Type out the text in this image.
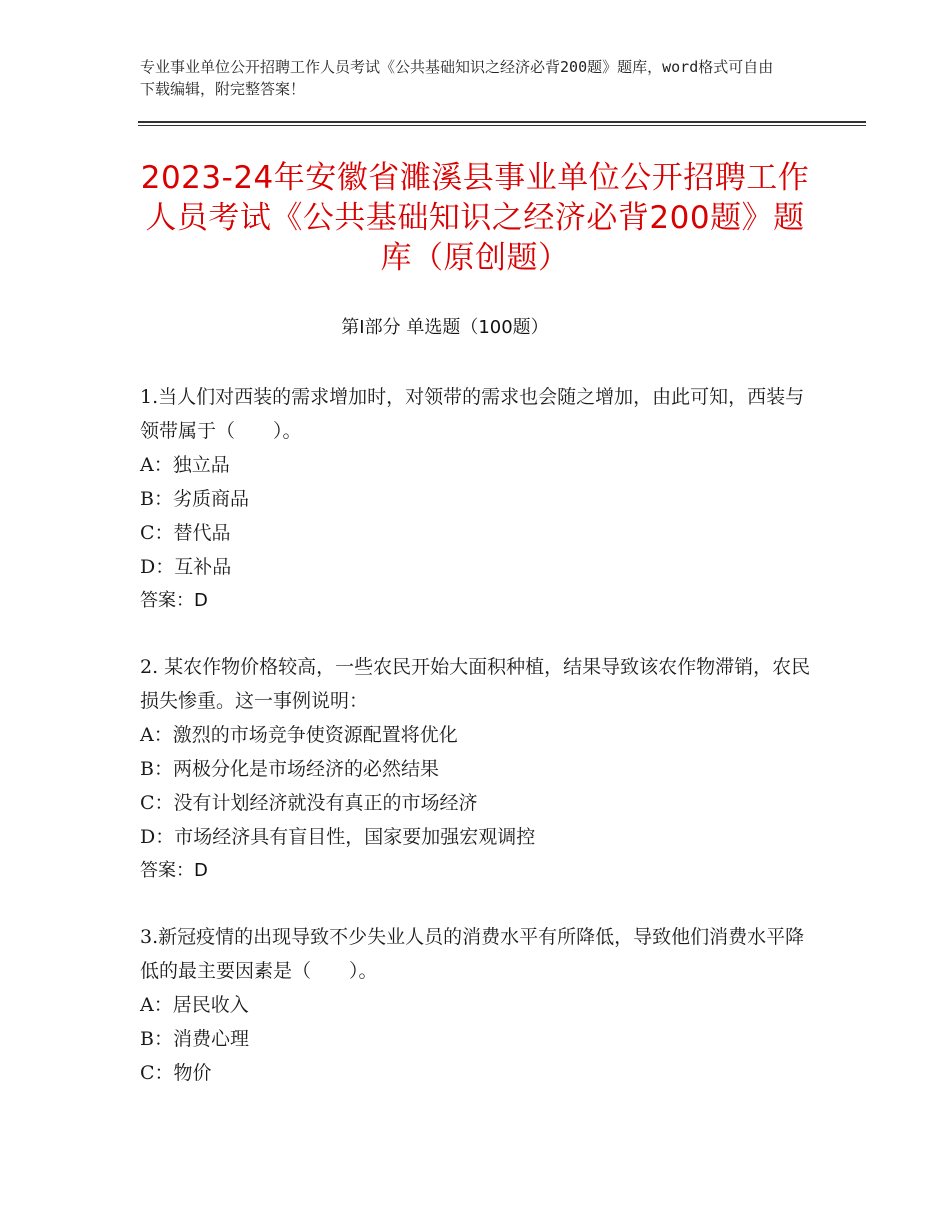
专业事业单位公开招聘工作人员考试《公共基础知识之经济必背200题》题库，word格式可自由下载编辑，附完整答案！
2023-24年安徽省濉溪县事业单位公开招聘工作人员考试《公共基础知识之经济必背200题》题库（原创题）
第Ⅰ部分 单选题（100题）

1.当人们对西装的需求增加时，对领带的需求也会随之增加，由此可知，西装与领带属于（　　）。

A：独立品

B：劣质商品

C：替代品

D：互补品

答案：D

2. 某农作物价格较高，一些农民开始大面积种植，结果导致该农作物滞销，农民损失惨重。这一事例说明：

A：激烈的市场竞争使资源配置将优化

B：两极分化是市场经济的必然结果

C：没有计划经济就没有真正的市场经济

D：市场经济具有盲目性，国家要加强宏观调控

答案：D

3.新冠疫情的出现导致不少失业人员的消费水平有所降低，导致他们消费水平降低的最主要因素是（　　）。

A：居民收入

B：消费心理

C：物价
